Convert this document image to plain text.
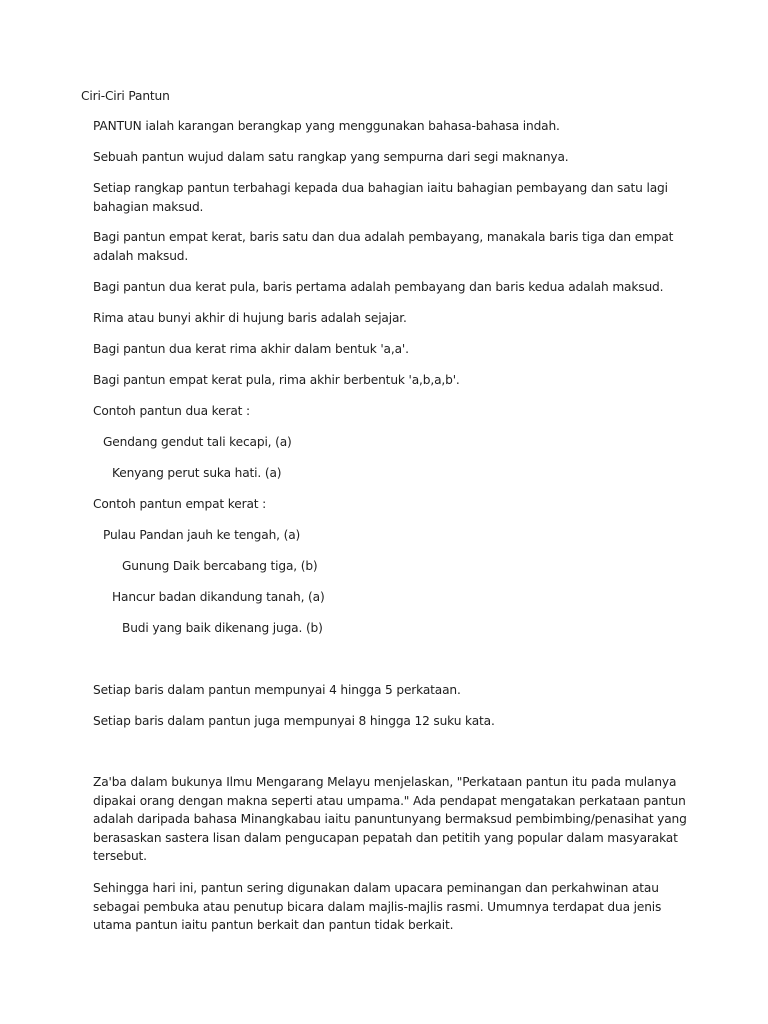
Ciri-Ciri Pantun
PANTUN ialah karangan berangkap yang menggunakan bahasa-bahasa indah.
Sebuah pantun wujud dalam satu rangkap yang sempurna dari segi maknanya.
Setiap rangkap pantun terbahagi kepada dua bahagian iaitu bahagian pembayang dan satu lagi
bahagian maksud.
Bagi pantun empat kerat, baris satu dan dua adalah pembayang, manakala baris tiga dan empat
adalah maksud.
Bagi pantun dua kerat pula, baris pertama adalah pembayang dan baris kedua adalah maksud.
Rima atau bunyi akhir di hujung baris adalah sejajar.
Bagi pantun dua kerat rima akhir dalam bentuk 'a,a'.
Bagi pantun empat kerat pula, rima akhir berbentuk 'a,b,a,b'.
Contoh pantun dua kerat :
Gendang gendut tali kecapi, (a)
Kenyang perut suka hati. (a)
Contoh pantun empat kerat :
Pulau Pandan jauh ke tengah, (a)
Gunung Daik bercabang tiga, (b)
Hancur badan dikandung tanah, (a)
Budi yang baik dikenang juga. (b)
Setiap baris dalam pantun mempunyai 4 hingga 5 perkataan.
Setiap baris dalam pantun juga mempunyai 8 hingga 12 suku kata.
Za'ba dalam bukunya Ilmu Mengarang Melayu menjelaskan, "Perkataan pantun itu pada mulanya
dipakai orang dengan makna seperti atau umpama." Ada pendapat mengatakan perkataan pantun
adalah daripada bahasa Minangkabau iaitu panuntunyang bermaksud pembimbing/penasihat yang
berasaskan sastera lisan dalam pengucapan pepatah dan petitih yang popular dalam masyarakat
tersebut.
Sehingga hari ini, pantun sering digunakan dalam upacara peminangan dan perkahwinan atau
sebagai pembuka atau penutup bicara dalam majlis-majlis rasmi. Umumnya terdapat dua jenis
utama pantun iaitu pantun berkait dan pantun tidak berkait.
